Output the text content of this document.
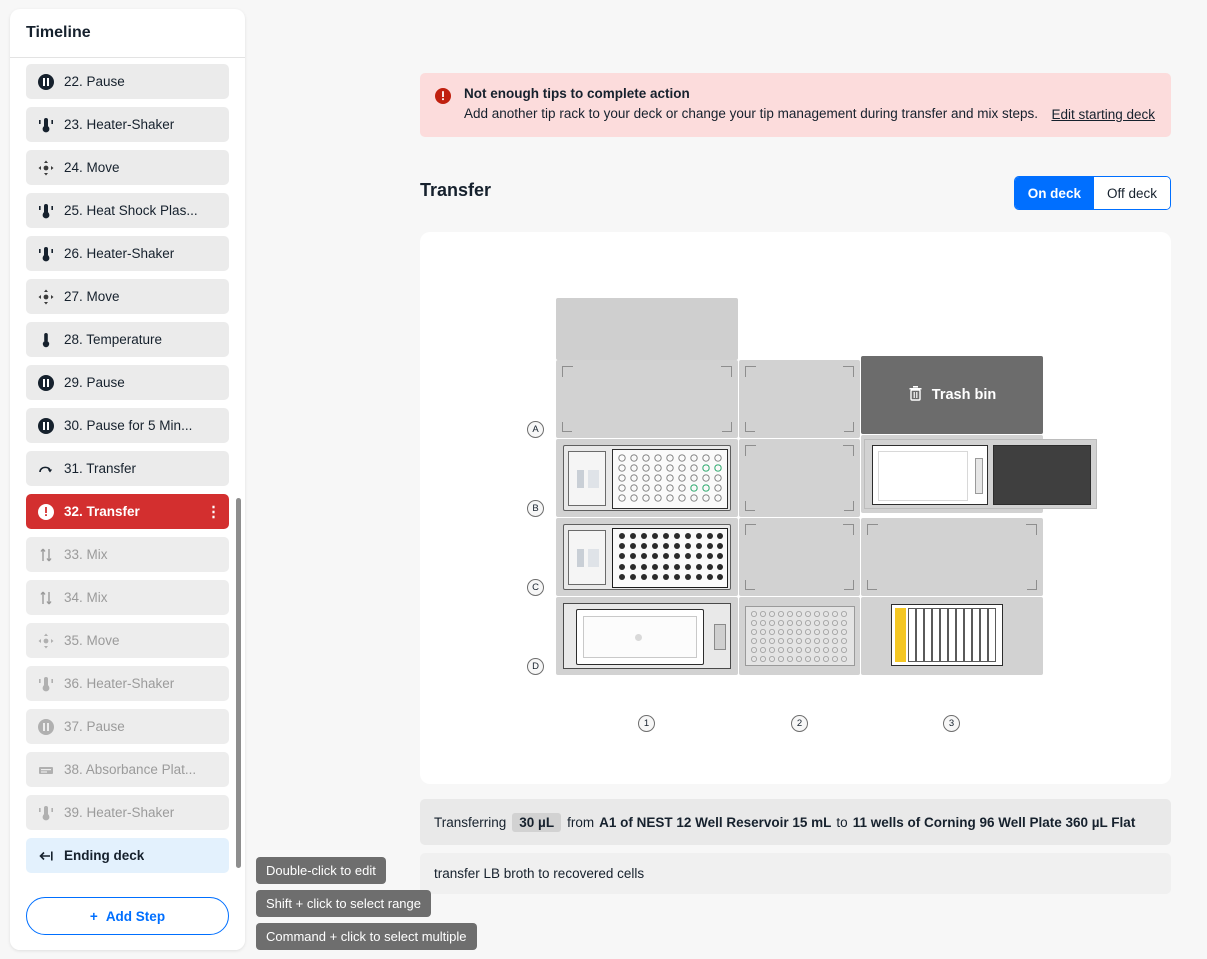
Timeline
22. Pause
23. Heater-Shaker
24. Move
25. Heat Shock Plas...
26. Heater-Shaker
27. Move
28. Temperature
29. Pause
30. Pause for 5 Min...
31. Transfer
32. Transfer	⋮
33. Mix
34. Mix
35. Move
36. Heater-Shaker
37. Pause
38. Absorbance Plat...
39. Heater-Shaker
Ending deck
+ Add Step
Not enough tips to complete action
Add another tip rack to your deck or change your tip management during transfer and mix steps. Edit starting deck
Transfer	On deck	Off deck
A
B
C
D
1	2	3
Trash bin
Transferring 30 µL from A1 of NEST 12 Well Reservoir 15 mL to 11 wells of Corning 96 Well Plate 360 µL Flat
transfer LB broth to recovered cells
Double-click to edit
Shift + click to select range
Command + click to select multiple
